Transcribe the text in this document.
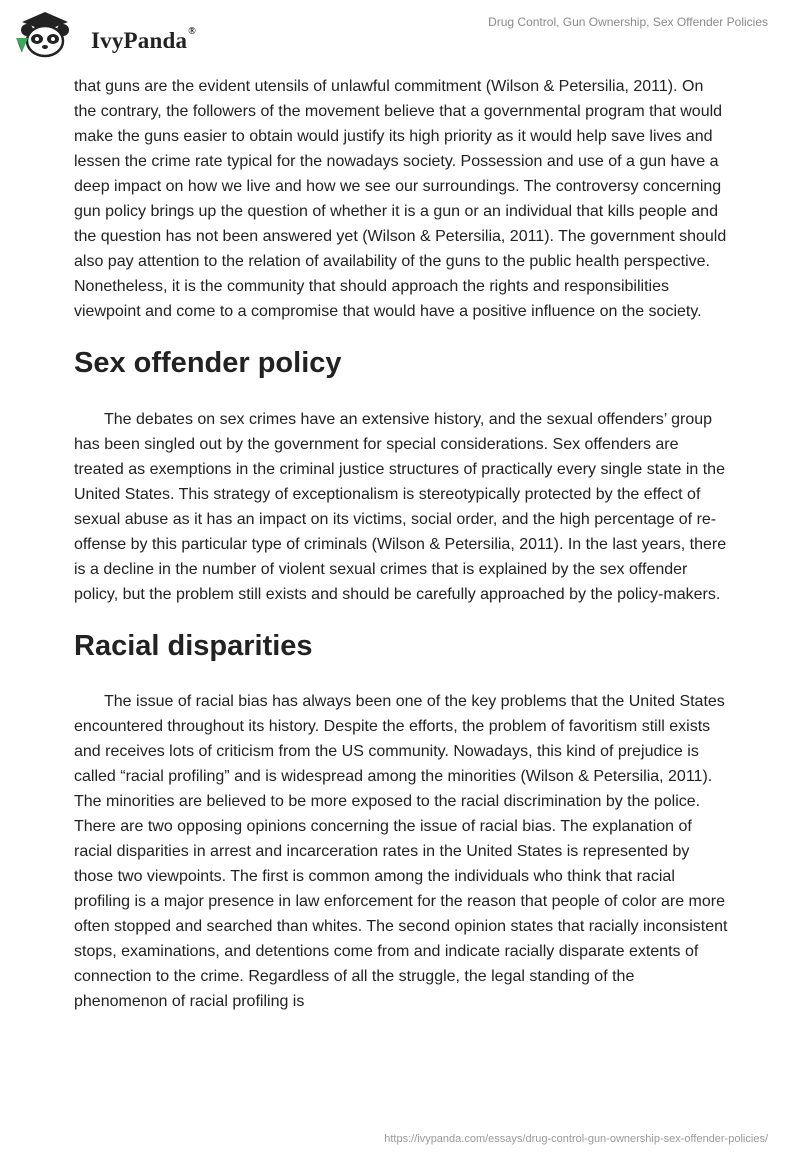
IvyPanda®
Drug Control, Gun Ownership, Sex Offender Policies

that guns are the evident utensils of unlawful commitment (Wilson & Petersilia, 2011). On the contrary, the followers of the movement believe that a governmental program that would make the guns easier to obtain would justify its high priority as it would help save lives and lessen the crime rate typical for the nowadays society. Possession and use of a gun have a deep impact on how we live and how we see our surroundings. The controversy concerning gun policy brings up the question of whether it is a gun or an individual that kills people and the question has not been answered yet (Wilson & Petersilia, 2011). The government should also pay attention to the relation of availability of the guns to the public health perspective. Nonetheless, it is the community that should approach the rights and responsibilities viewpoint and come to a compromise that would have a positive influence on the society.

Sex offender policy

The debates on sex crimes have an extensive history, and the sexual offenders’ group has been singled out by the government for special considerations. Sex offenders are treated as exemptions in the criminal justice structures of practically every single state in the United States. This strategy of exceptionalism is stereotypically protected by the effect of sexual abuse as it has an impact on its victims, social order, and the high percentage of re-offense by this particular type of criminals (Wilson & Petersilia, 2011). In the last years, there is a decline in the number of violent sexual crimes that is explained by the sex offender policy, but the problem still exists and should be carefully approached by the policy-makers.

Racial disparities

The issue of racial bias has always been one of the key problems that the United States encountered throughout its history. Despite the efforts, the problem of favoritism still exists and receives lots of criticism from the US community. Nowadays, this kind of prejudice is called “racial profiling” and is widespread among the minorities (Wilson & Petersilia, 2011). The minorities are believed to be more exposed to the racial discrimination by the police. There are two opposing opinions concerning the issue of racial bias. The explanation of racial disparities in arrest and incarceration rates in the United States is represented by those two viewpoints. The first is common among the individuals who think that racial profiling is a major presence in law enforcement for the reason that people of color are more often stopped and searched than whites. The second opinion states that racially inconsistent stops, examinations, and detentions come from and indicate racially disparate extents of connection to the crime. Regardless of all the struggle, the legal standing of the phenomenon of racial profiling is

https://ivypanda.com/essays/drug-control-gun-ownership-sex-offender-policies/
